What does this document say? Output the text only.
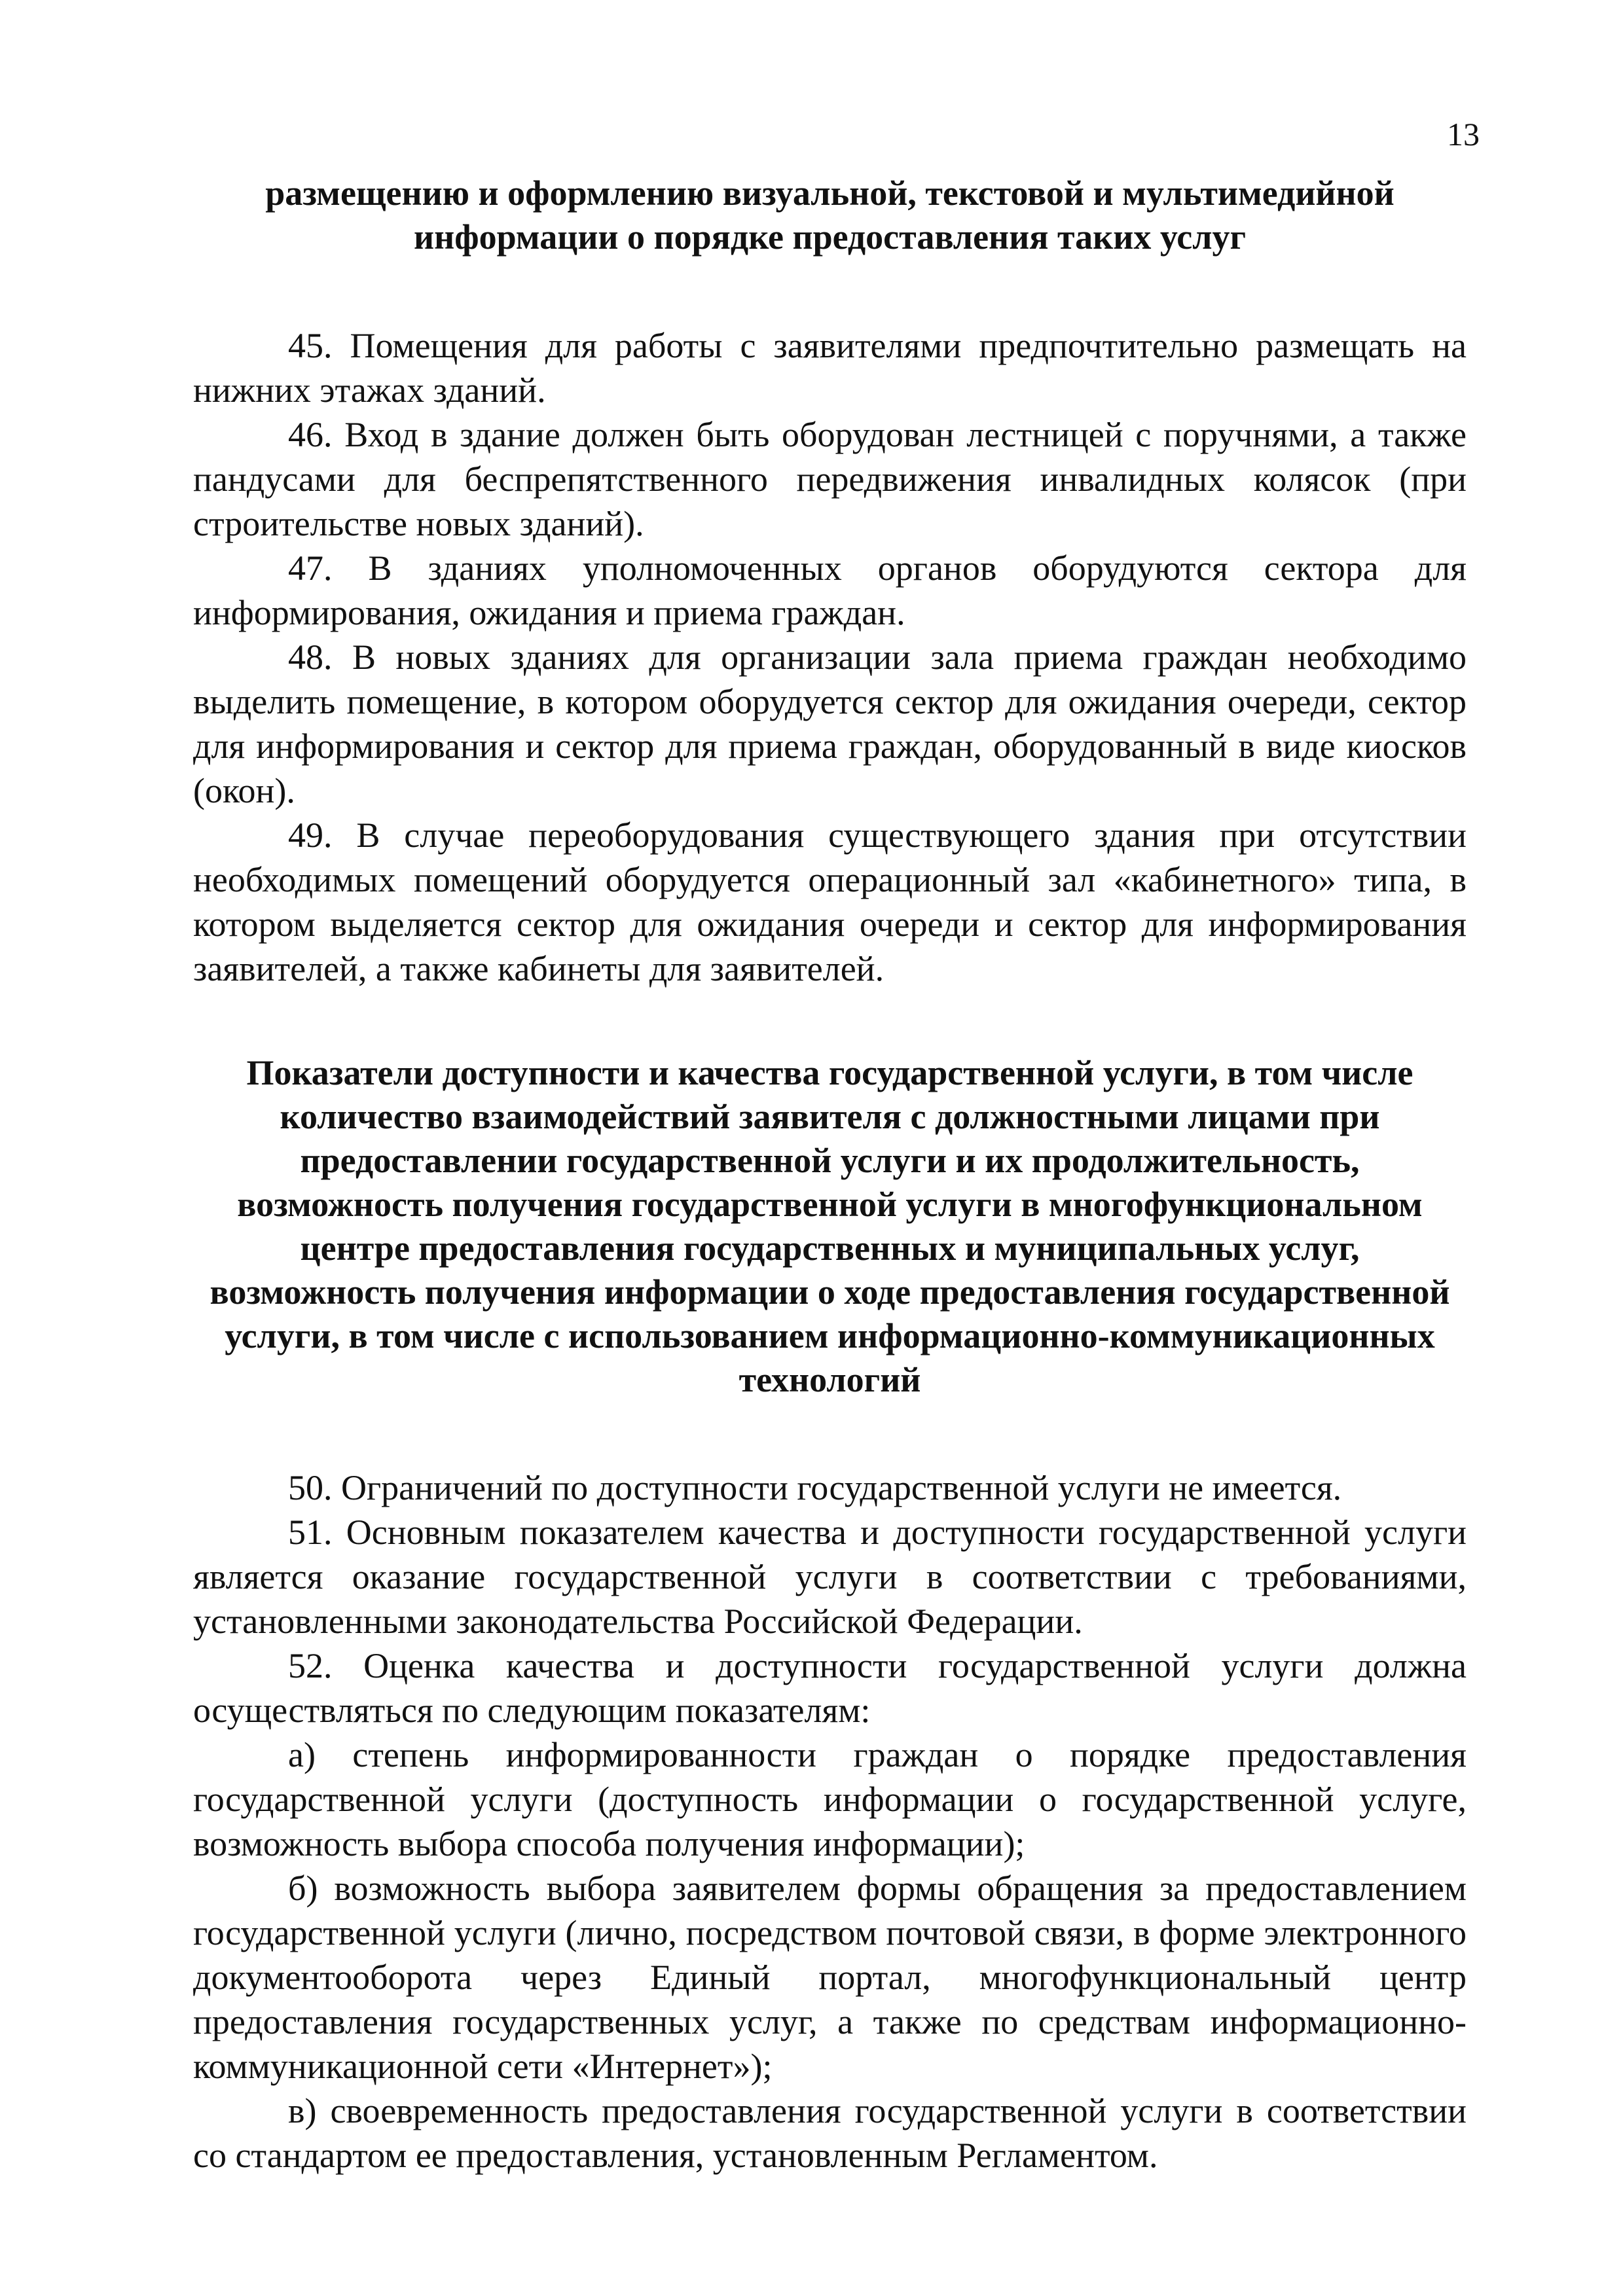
13
размещению и оформлению визуальной, текстовой и мультимедийной информации о порядке предоставления таких услуг

45. Помещения для работы с заявителями предпочтительно размещать на нижних этажах зданий.

46. Вход в здание должен быть оборудован лестницей с поручнями, а также пандусами для беспрепятственного передвижения инвалидных колясок (при строительстве новых зданий).

47. В зданиях уполномоченных органов оборудуются сектора для информирования, ожидания и приема граждан.

48. В новых зданиях для организации зала приема граждан необходимо выделить помещение, в котором оборудуется сектор для ожидания очереди, сектор для информирования и сектор для приема граждан, оборудованный в виде киосков (окон).

49. В случае переоборудования существующего здания при отсутствии необходимых помещений оборудуется операционный зал «кабинетного» типа, в котором выделяется сектор для ожидания очереди и сектор для информирования заявителей, а также кабинеты для заявителей.

Показатели доступности и качества государственной услуги, в том числе количество взаимодействий заявителя с должностными лицами при предоставлении государственной услуги и их продолжительность, возможность получения государственной услуги в многофункциональном центре предоставления государственных и муниципальных услуг, возможность получения информации о ходе предоставления государственной услуги, в том числе с использованием информационно-коммуникационных технологий

50. Ограничений по доступности государственной услуги не имеется.

51. Основным показателем качества и доступности государственной услуги является оказание государственной услуги в соответствии с требованиями, установленными законодательства Российской Федерации.

52. Оценка качества и доступности государственной услуги должна осуществляться по следующим показателям:

а) степень информированности граждан о порядке предоставления государственной услуги (доступность информации о государственной услуге, возможность выбора способа получения информации);

б) возможность выбора заявителем формы обращения за предоставлением государственной услуги (лично, посредством почтовой связи, в форме электронного документооборота через Единый портал, многофункциональный центр предоставления государственных услуг, а также по средствам информационно-коммуникационной сети «Интернет»);

в) своевременность предоставления государственной услуги в соответствии со стандартом ее предоставления, установленным Регламентом.
